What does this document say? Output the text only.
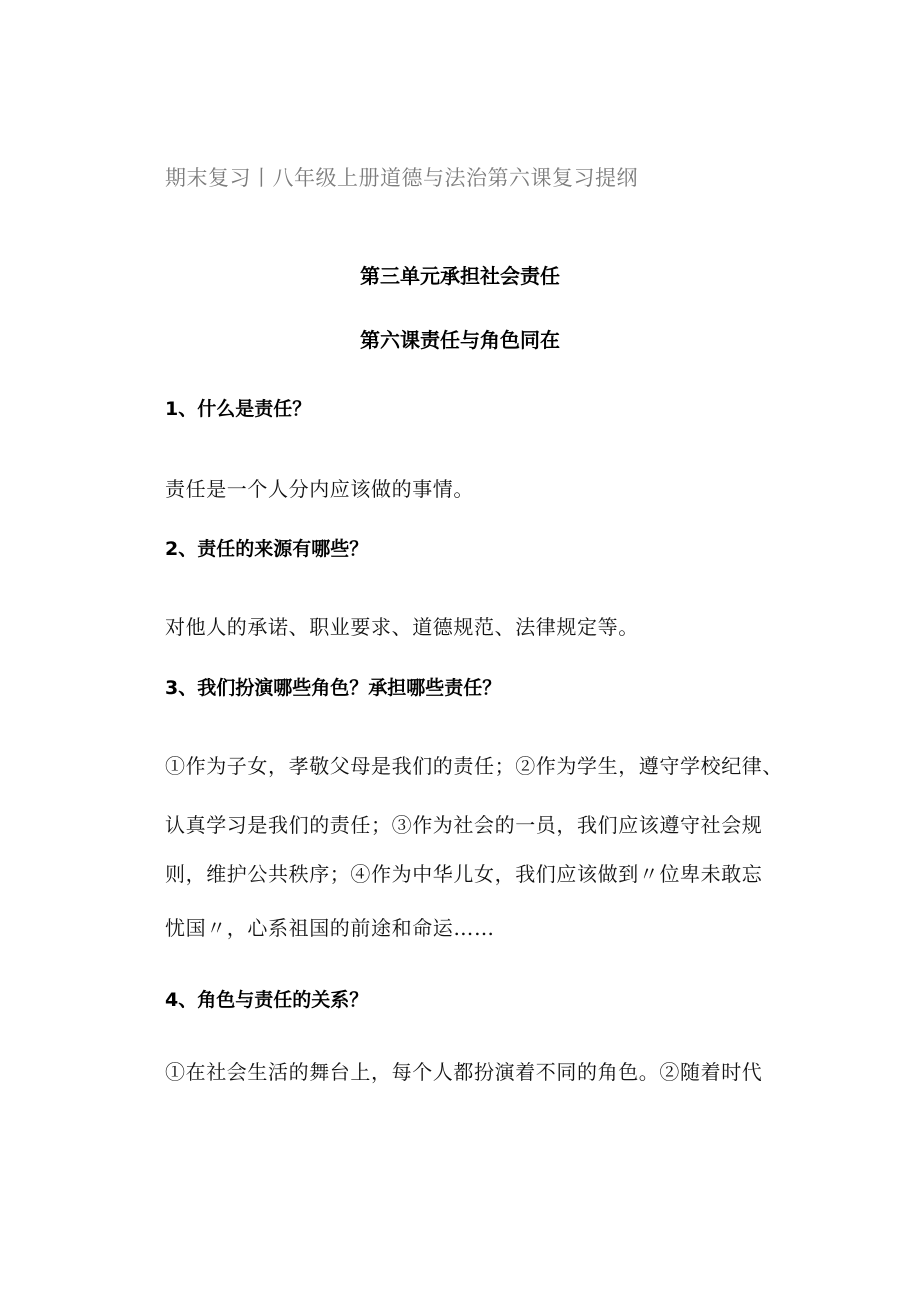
期末复习丨八年级上册道德与法治第六课复习提纲
第三单元承担社会责任
第六课责任与角色同在
1、什么是责任？
责任是一个人分内应该做的事情。
2、责任的来源有哪些？
对他人的承诺、职业要求、道德规范、法律规定等。
3、我们扮演哪些角色？承担哪些责任？
①作为子女，孝敬父母是我们的责任；②作为学生，遵守学校纪律、
认真学习是我们的责任；③作为社会的一员，我们应该遵守社会规
则，维护公共秩序；④作为中华儿女，我们应该做到〃位卑未敢忘
忧国〃，心系祖国的前途和命运……
4、角色与责任的关系？
①在社会生活的舞台上，每个人都扮演着不同的角色。②随着时代
